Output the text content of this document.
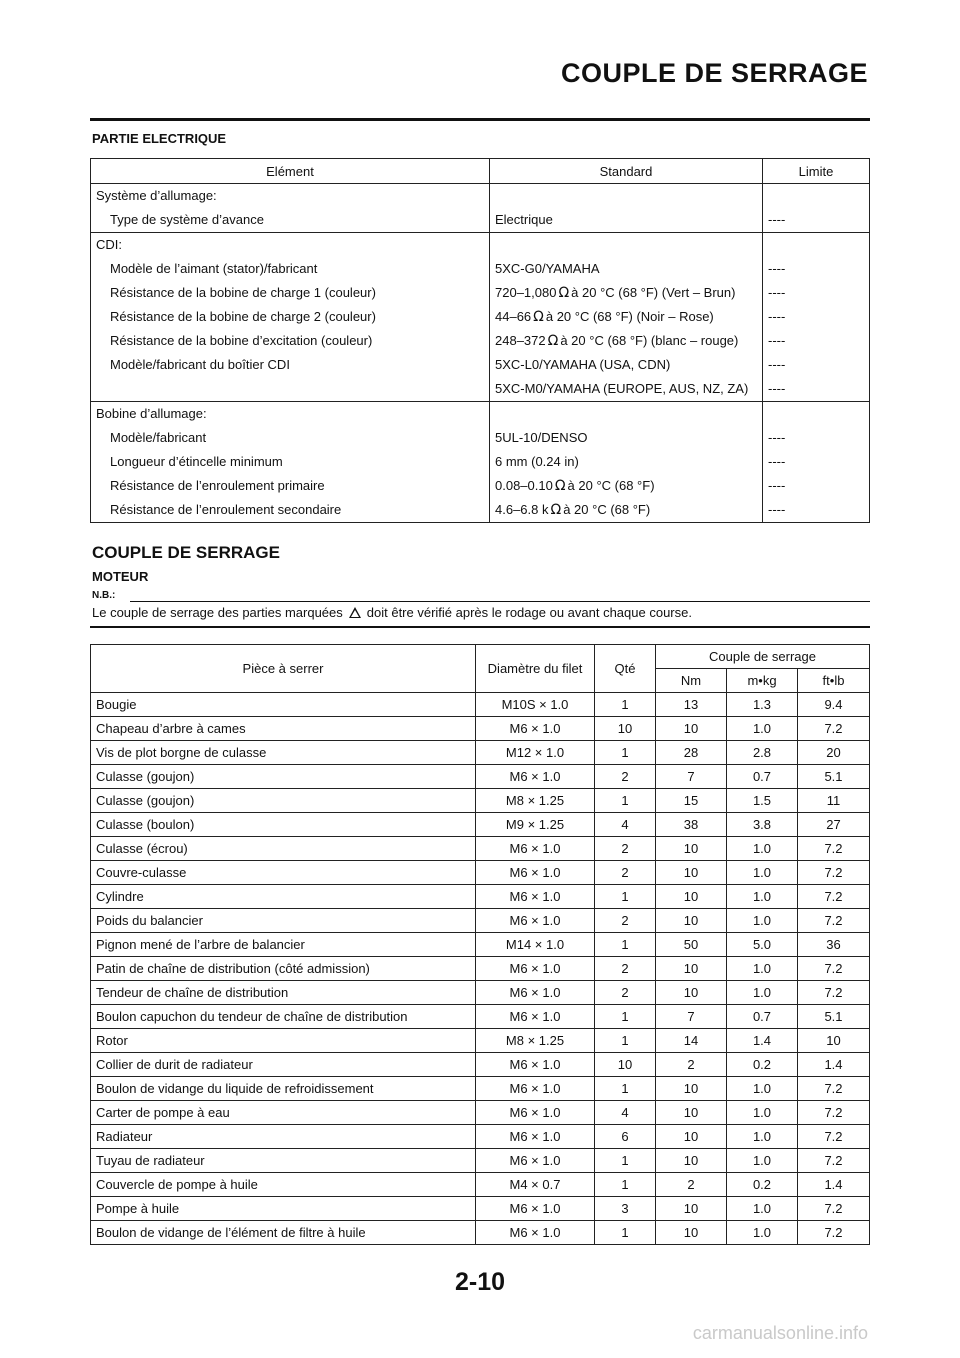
COUPLE DE SERRAGE
PARTIE ELECTRIQUE
Elément	Standard	Limite
Système d’allumage:		
Type de système d’avance	Electrique	----
CDI:		
Modèle de l’aimant (stator)/fabricant	5XC-G0/YAMAHA	----
Résistance de la bobine de charge 1 (couleur)	720–1,080 Ω à 20 °C (68 °F) (Vert – Brun)	----
Résistance de la bobine de charge 2 (couleur)	44–66 Ω à 20 °C (68 °F) (Noir – Rose)	----
Résistance de la bobine d’excitation (couleur)	248–372 Ω à 20 °C (68 °F) (blanc – rouge)	----
Modèle/fabricant du boîtier CDI	5XC-L0/YAMAHA (USA, CDN)	----
	5XC-M0/YAMAHA (EUROPE, AUS, NZ, ZA)	----
Bobine d’allumage:		
Modèle/fabricant	5UL-10/DENSO	----
Longueur d’étincelle minimum	6 mm (0.24 in)	----
Résistance de l’enroulement primaire	0.08–0.10 Ω à 20 °C (68 °F)	----
Résistance de l’enroulement secondaire	4.6–6.8 k Ω à 20 °C (68 °F)	----
COUPLE DE SERRAGE
MOTEUR
N.B.:
Le couple de serrage des parties marquées doit être vérifié après le rodage ou avant chaque course.
Pièce à serrer	Diamètre du filet	Qté	Couple de serrage		
			Nm	m•kg	ft•lb
Bougie	M10S × 1.0	1	13	1.3	9.4
Chapeau d’arbre à cames	M6 × 1.0	10	10	1.0	7.2
Vis de plot borgne de culasse	M12 × 1.0	1	28	2.8	20
Culasse (goujon)	M6 × 1.0	2	7	0.7	5.1
Culasse (goujon)	M8 × 1.25	1	15	1.5	11
Culasse (boulon)	M9 × 1.25	4	38	3.8	27
Culasse (écrou)	M6 × 1.0	2	10	1.0	7.2
Couvre-culasse	M6 × 1.0	2	10	1.0	7.2
Cylindre	M6 × 1.0	1	10	1.0	7.2
Poids du balancier	M6 × 1.0	2	10	1.0	7.2
Pignon mené de l’arbre de balancier	M14 × 1.0	1	50	5.0	36
Patin de chaîne de distribution (côté admission)	M6 × 1.0	2	10	1.0	7.2
Tendeur de chaîne de distribution	M6 × 1.0	2	10	1.0	7.2
Boulon capuchon du tendeur de chaîne de distribution	M6 × 1.0	1	7	0.7	5.1
Rotor	M8 × 1.25	1	14	1.4	10
Collier de durit de radiateur	M6 × 1.0	10	2	0.2	1.4
Boulon de vidange du liquide de refroidissement	M6 × 1.0	1	10	1.0	7.2
Carter de pompe à eau	M6 × 1.0	4	10	1.0	7.2
Radiateur	M6 × 1.0	6	10	1.0	7.2
Tuyau de radiateur	M6 × 1.0	1	10	1.0	7.2
Couvercle de pompe à huile	M4 × 0.7	1	2	0.2	1.4
Pompe à huile	M6 × 1.0	3	10	1.0	7.2
Boulon de vidange de l’élément de filtre à huile	M6 × 1.0	1	10	1.0	7.2
2-10
carmanualsonline.info
